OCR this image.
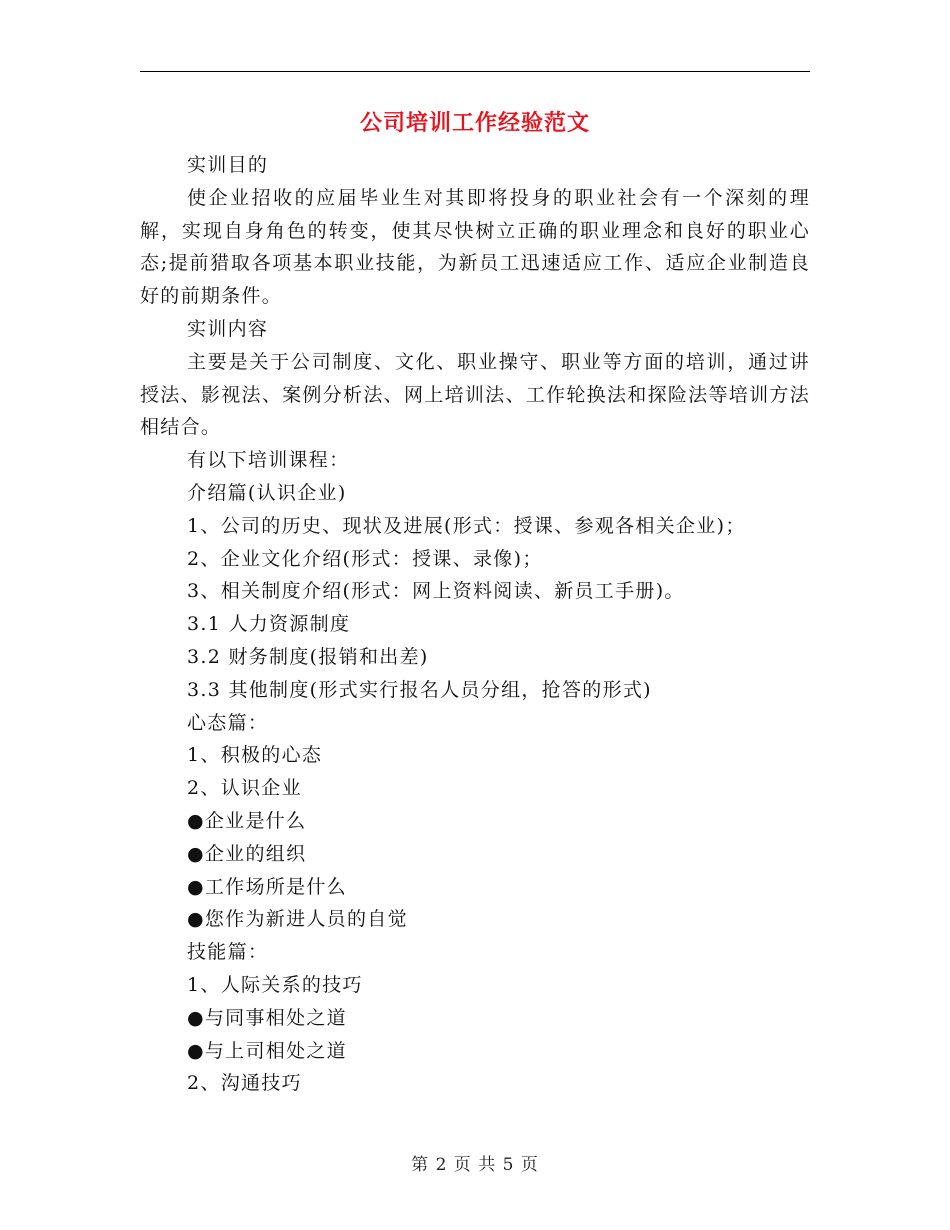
公司培训工作经验范文

实训目的

使企业招收的应届毕业生对其即将投身的职业社会有一个深刻的理解，实现自身角色的转变，使其尽快树立正确的职业理念和良好的职业心态;提前猎取各项基本职业技能，为新员工迅速适应工作、适应企业制造良好的前期条件。

实训内容

主要是关于公司制度、文化、职业操守、职业等方面的培训，通过讲授法、影视法、案例分析法、网上培训法、工作轮换法和探险法等培训方法相结合。

有以下培训课程：

介绍篇(认识企业)

1、公司的历史、现状及进展(形式：授课、参观各相关企业)；

2、企业文化介绍(形式：授课、录像)；

3、相关制度介绍(形式：网上资料阅读、新员工手册)。

3.1 人力资源制度

3.2 财务制度(报销和出差)

3.3 其他制度(形式实行报名人员分组，抢答的形式)

心态篇：

1、积极的心态

2、认识企业

●企业是什么

●企业的组织

●工作场所是什么

●您作为新进人员的自觉

技能篇：

1、人际关系的技巧

●与同事相处之道

●与上司相处之道

2、沟通技巧

第 2 页 共 5 页
